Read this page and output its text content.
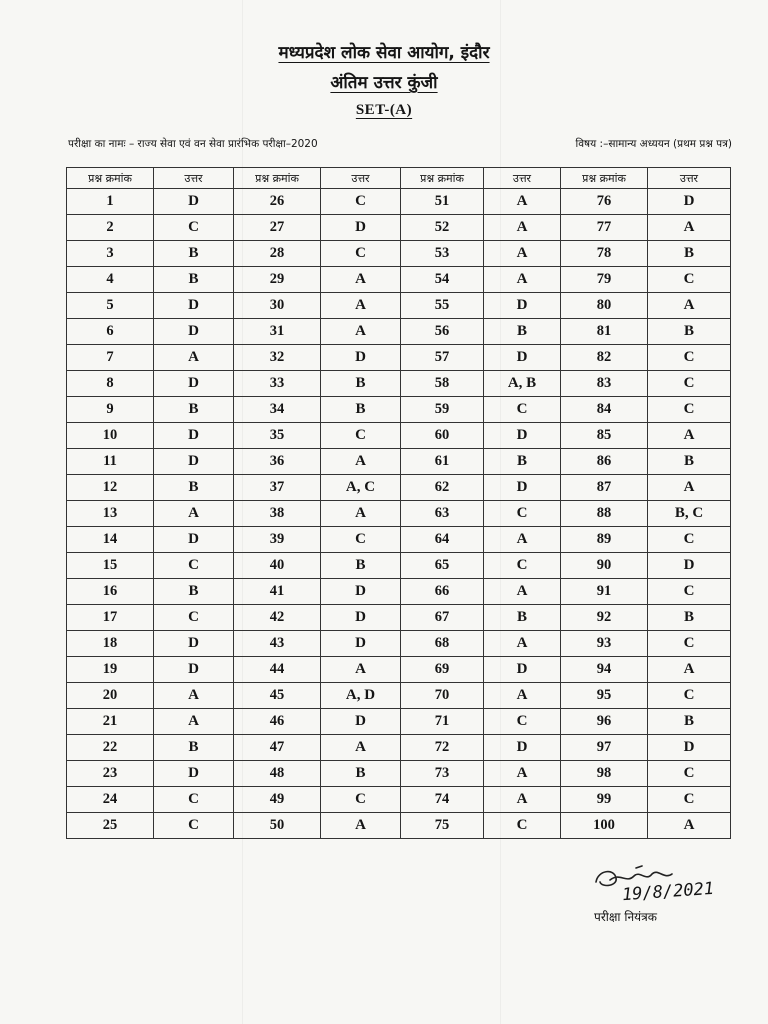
मध्यप्रदेश लोक सेवा आयोग, इंदौर
अंतिम उत्तर कुंजी
SET-(A)
परीक्षा का नामः – राज्य सेवा एवं वन सेवा प्रारंभिक परीक्षा–2020	विषय :–सामान्य अध्ययन (प्रथम प्रश्न पत्र)
प्रश्न क्रमांक	उत्तर	प्रश्न क्रमांक	उत्तर	प्रश्न क्रमांक	उत्तर	प्रश्न क्रमांक	उत्तर
1	D	26	C	51	A	76	D
2	C	27	D	52	A	77	A
3	B	28	C	53	A	78	B
4	B	29	A	54	A	79	C
5	D	30	A	55	D	80	A
6	D	31	A	56	B	81	B
7	A	32	D	57	D	82	C
8	D	33	B	58	A, B	83	C
9	B	34	B	59	C	84	C
10	D	35	C	60	D	85	A
11	D	36	A	61	B	86	B
12	B	37	A, C	62	D	87	A
13	A	38	A	63	C	88	B, C
14	D	39	C	64	A	89	C
15	C	40	B	65	C	90	D
16	B	41	D	66	A	91	C
17	C	42	D	67	B	92	B
18	D	43	D	68	A	93	C
19	D	44	A	69	D	94	A
20	A	45	A, D	70	A	95	C
21	A	46	D	71	C	96	B
22	B	47	A	72	D	97	D
23	D	48	B	73	A	98	C
24	C	49	C	74	A	99	C
25	C	50	A	75	C	100	A
19/8/2021
परीक्षा नियंत्रक
